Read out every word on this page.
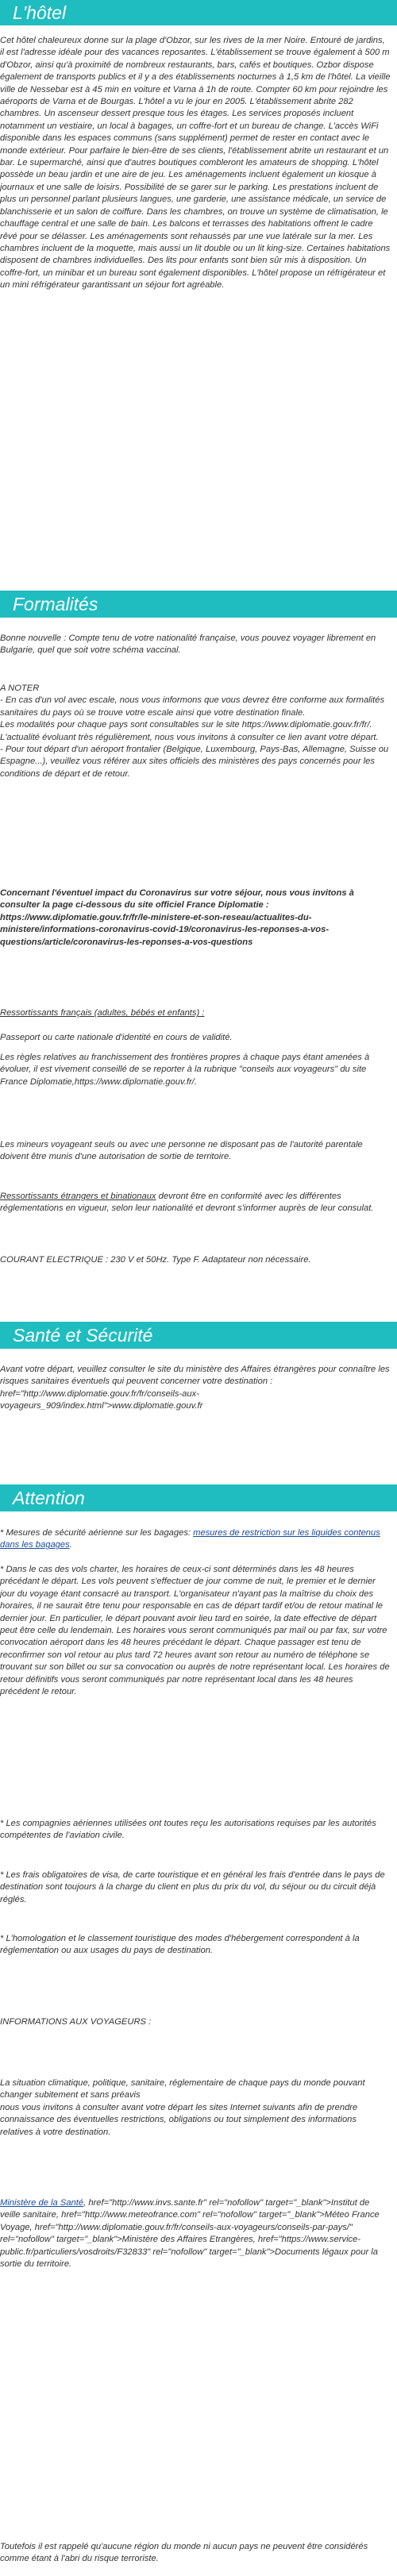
L'hôtel
Cet hôtel chaleureux donne sur la plage d'Obzor, sur les rives de la mer Noire. Entouré de jardins, il est l'adresse idéale pour des vacances reposantes. L'établissement se trouve également à 500 m d'Obzor, ainsi qu'à proximité de nombreux restaurants, bars, cafés et boutiques. Ozbor dispose également de transports publics et il y a des établissements nocturnes à 1,5 km de l'hôtel. La vieille ville de Nessebar est à 45 min en voiture et Varna à 1h de route. Compter 60 km pour rejoindre les aéroports de Varna et de Bourgas. L'hôtel a vu le jour en 2005. L'établissement abrite 282 chambres. Un ascenseur dessert presque tous les étages. Les services proposés incluent notamment un vestiaire, un local à bagages, un coffre-fort et un bureau de change. L'accès WiFi disponible dans les espaces communs (sans supplément) permet de rester en contact avec le monde extérieur. Pour parfaire le bien-être de ses clients, l'établissement abrite un restaurant et un bar. Le supermarché, ainsi que d'autres boutiques combleront les amateurs de shopping. L'hôtel possède un beau jardin et une aire de jeu. Les aménagements incluent également un kiosque à journaux et une salle de loisirs. Possibilité de se garer sur le parking. Les prestations incluent de plus un personnel parlant plusieurs langues, une garderie, une assistance médicale, un service de blanchisserie et un salon de coiffure. Dans les chambres, on trouve un système de climatisation, le chauffage central et une salle de bain. Les balcons et terrasses des habitations offrent le cadre rêvé pour se délasser. Les aménagements sont rehaussés par une vue latérale sur la mer. Les chambres incluent de la moquette, mais aussi un lit double ou un lit king-size. Certaines habitations disposent de chambres individuelles. Des lits pour enfants sont bien sûr mis à disposition. Un coffre-fort, un minibar et un bureau sont également disponibles. L'hôtel propose un réfrigérateur et un mini réfrigérateur garantissant un séjour fort agréable.
Formalités
Bonne nouvelle : Compte tenu de votre nationalité française, vous pouvez voyager librement en Bulgarie, quel que soit votre schéma vaccinal.
A NOTER
- En cas d'un vol avec escale, nous vous informons que vous devrez être conforme aux formalités sanitaires du pays où se trouve votre escale ainsi que votre destination finale.
Les modalités pour chaque pays sont consultables sur le site https://www.diplomatie.gouv.fr/fr/. L'actualité évoluant très régulièrement, nous vous invitons à consulter ce lien avant votre départ.
- Pour tout départ d'un aéroport frontalier (Belgique, Luxembourg, Pays-Bas, Allemagne, Suisse ou Espagne...), veuillez vous référer aux sites officiels des ministères des pays concernés pour les conditions de départ et de retour.
Concernant l'éventuel impact du Coronavirus sur votre séjour, nous vous invitons à consulter la page ci-dessous du site officiel France Diplomatie : https://www.diplomatie.gouv.fr/fr/le-ministere-et-son-reseau/actualites-du-ministere/informations-coronavirus-covid-19/coronavirus-les-reponses-a-vos-questions/article/coronavirus-les-reponses-a-vos-questions

Ressortissants français (adultes, bébés et enfants) :

Passeport ou carte nationale d'identité en cours de validité.

Les règles relatives au franchissement des frontières propres à chaque pays étant amenées à évoluer, il est vivement conseillé de se reporter à la rubrique "conseils aux voyageurs" du site France Diplomatie,https://www.diplomatie.gouv.fr/.
Les mineurs voyageant seuls ou avec une personne ne disposant pas de l'autorité parentale doivent être munis d'une autorisation de sortie de territoire.
Ressortissants étrangers et binationaux devront être en conformité avec les différentes réglementations en vigueur, selon leur nationalité et devront s'informer auprès de leur consulat.
COURANT ELECTRIQUE : 230 V et 50Hz. Type F. Adaptateur non nécessaire.
Santé et Sécurité
Avant votre départ, veuillez consulter le site du ministère des Affaires étrangères pour connaître les risques sanitaires éventuels qui peuvent concerner votre destination : href="http://www.diplomatie.gouv.fr/fr/conseils-aux-voyageurs_909/index.html">www.diplomatie.gouv.fr
Attention
* Mesures de sécurité aérienne sur les bagages: mesures de restriction sur les liquides contenus dans les bagages.
* Dans le cas des vols charter, les horaires de ceux-ci sont déterminés dans les 48 heures précédant le départ. Les vols peuvent s'effectuer de jour comme de nuit, le premier et le dernier jour du voyage étant consacré au transport. L'organisateur n'ayant pas la maîtrise du choix des horaires, il ne saurait être tenu pour responsable en cas de départ tardif et/ou de retour matinal le dernier jour. En particulier, le départ pouvant avoir lieu tard en soirée, la date effective de départ peut être celle du lendemain. Les horaires vous seront communiqués par mail ou par fax, sur votre convocation aéroport dans les 48 heures précédant le départ. Chaque passager est tenu de reconfirmer son vol retour au plus tard 72 heures avant son retour au numéro de téléphone se trouvant sur son billet ou sur sa convocation ou auprès de notre représentant local. Les horaires de retour définitifs vous seront communiqués par notre représentant local dans les 48 heures précédent le retour.
* Les compagnies aériennes utilisées ont toutes reçu les autorisations requises par les autorités compétentes de l'aviation civile.
* Les frais obligatoires de visa, de carte touristique et en général les frais d'entrée dans le pays de destination sont toujours à la charge du client en plus du prix du vol, du séjour ou du circuit déjà réglés.
* L'homologation et le classement touristique des modes d'hébergement correspondent à la réglementation ou aux usages du pays de destination.
INFORMATIONS AUX VOYAGEURS :
La situation climatique, politique, sanitaire, réglementaire de chaque pays du monde pouvant changer subitement et sans préavis
nous vous invitons à consulter avant votre départ les sites Internet suivants afin de prendre connaissance des éventuelles restrictions, obligations ou tout simplement des informations relatives à votre destination.
Ministère de la Santé, href="http://www.invs.sante.fr" rel="nofollow" target="_blank">Institut de veille sanitaire, href="http://www.meteofrance.com" rel="nofollow" target="_blank">Méteo France Voyage, href="http://www.diplomatie.gouv.fr/fr/conseils-aux-voyageurs/conseils-par-pays/" rel="nofollow" target="_blank">Ministère des Affaires Etrangères, href="https://www.service-public.fr/particuliers/vosdroits/F32833" rel="nofollow" target="_blank">Documents légaux pour la sortie du territoire.
Toutefois il est rappelé qu'aucune région du monde ni aucun pays ne peuvent être considérés comme étant à l'abri du risque terroriste.
